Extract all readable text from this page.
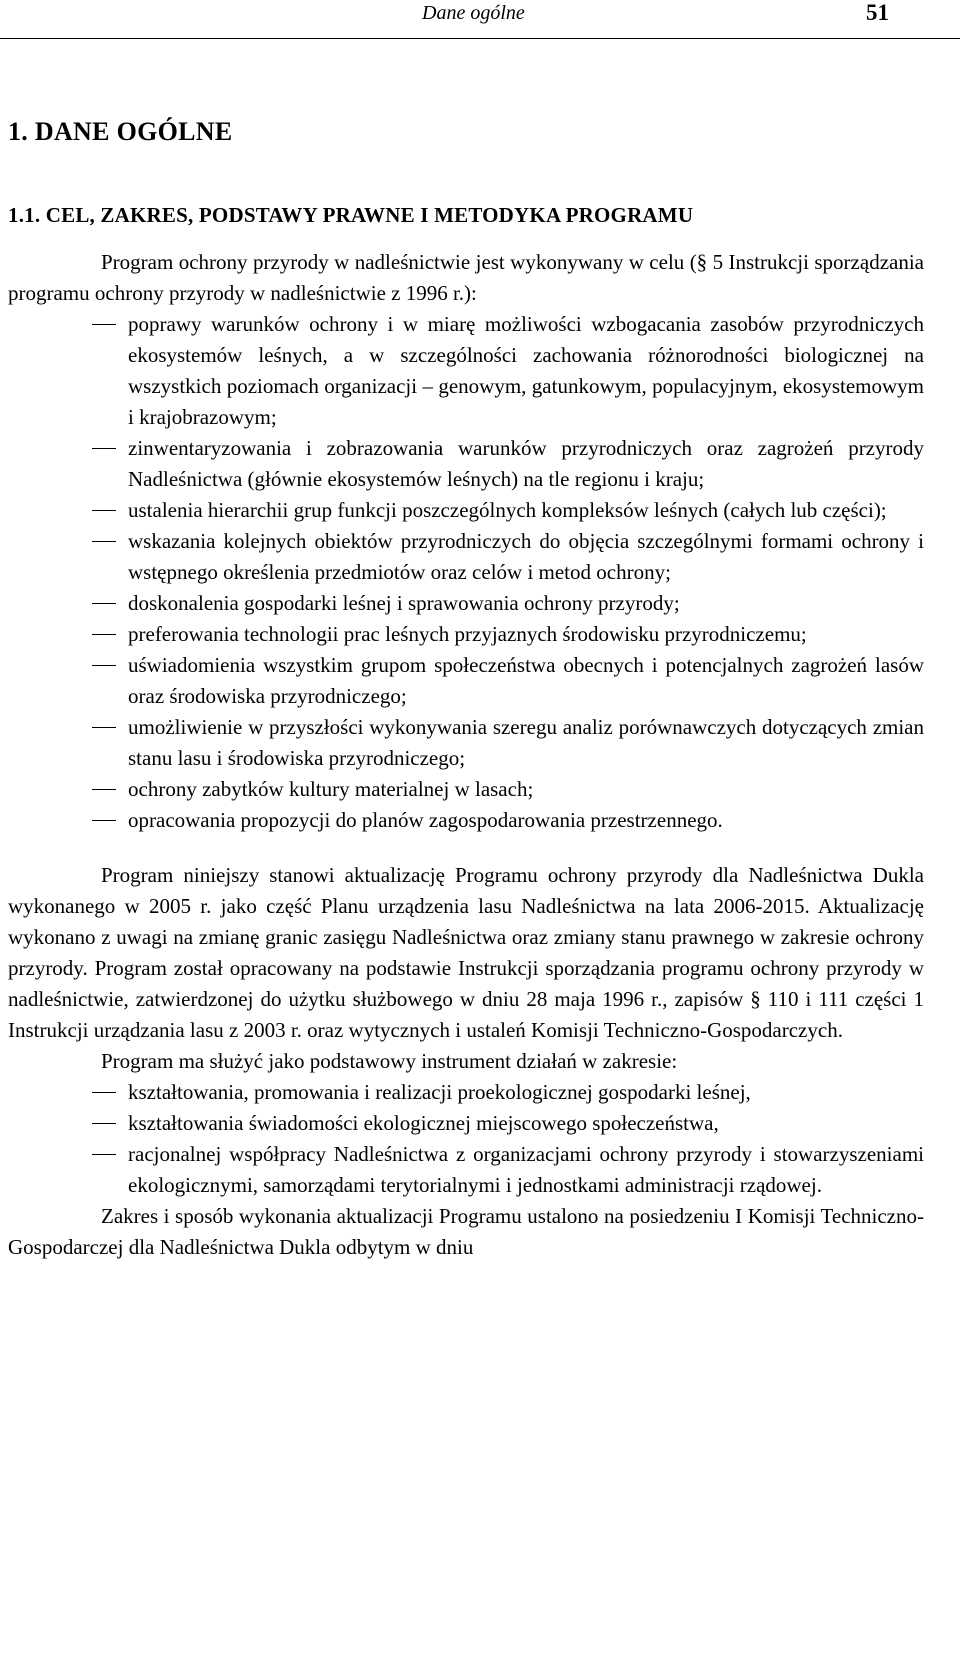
Dane ogólne	51
1. DANE OGÓLNE
1.1. CEL, ZAKRES, PODSTAWY PRAWNE I METODYKA PROGRAMU

Program ochrony przyrody w nadleśnictwie jest wykonywany w celu (§ 5 Instrukcji sporządzania programu ochrony przyrody w nadleśnictwie z 1996 r.):

poprawy warunków ochrony i w miarę możliwości wzbogacania zasobów przyrodniczych ekosystemów leśnych, a w szczególności zachowania różnorodności biologicznej na wszystkich poziomach organizacji – genowym, gatunkowym, populacyjnym, ekosystemowym i krajobrazowym;
zinwentaryzowania i zobrazowania warunków przyrodniczych oraz zagrożeń przyrody Nadleśnictwa (głównie ekosystemów leśnych) na tle regionu i kraju;
ustalenia hierarchii grup funkcji poszczególnych kompleksów leśnych (całych lub części);
wskazania kolejnych obiektów przyrodniczych do objęcia szczególnymi formami ochrony i wstępnego określenia przedmiotów oraz celów i metod ochrony;
doskonalenia gospodarki leśnej i sprawowania ochrony przyrody;
preferowania technologii prac leśnych przyjaznych środowisku przyrodniczemu;
uświadomienia wszystkim grupom społeczeństwa obecnych i potencjalnych zagrożeń lasów oraz środowiska przyrodniczego;
umożliwienie w przyszłości wykonywania szeregu analiz porównawczych dotyczących zmian stanu lasu i środowiska przyrodniczego;
ochrony zabytków kultury materialnej w lasach;
opracowania propozycji do planów zagospodarowania przestrzennego.

Program niniejszy stanowi aktualizację Programu ochrony przyrody dla Nadleśnictwa Dukla wykonanego w 2005 r. jako część Planu urządzenia lasu Nadleśnictwa na lata 2006-2015. Aktualizację wykonano z uwagi na zmianę granic zasięgu Nadleśnictwa oraz zmiany stanu prawnego w zakresie ochrony przyrody. Program został opracowany na podstawie Instrukcji sporządzania programu ochrony przyrody w nadleśnictwie, zatwierdzonej do użytku służbowego w dniu 28 maja 1996 r., zapisów § 110 i 111 części 1 Instrukcji urządzania lasu z 2003 r. oraz wytycznych i ustaleń Komisji Techniczno-Gospodarczych.

Program ma służyć jako podstawowy instrument działań w zakresie:

kształtowania, promowania i realizacji proekologicznej gospodarki leśnej,
kształtowania świadomości ekologicznej miejscowego społeczeństwa,
racjonalnej współpracy Nadleśnictwa z organizacjami ochrony przyrody i stowarzyszeniami ekologicznymi, samorządami terytorialnymi i jednostkami administracji rządowej.

Zakres i sposób wykonania aktualizacji Programu ustalono na posiedzeniu I Komisji Techniczno-Gospodarczej dla Nadleśnictwa Dukla odbytym w dniu
